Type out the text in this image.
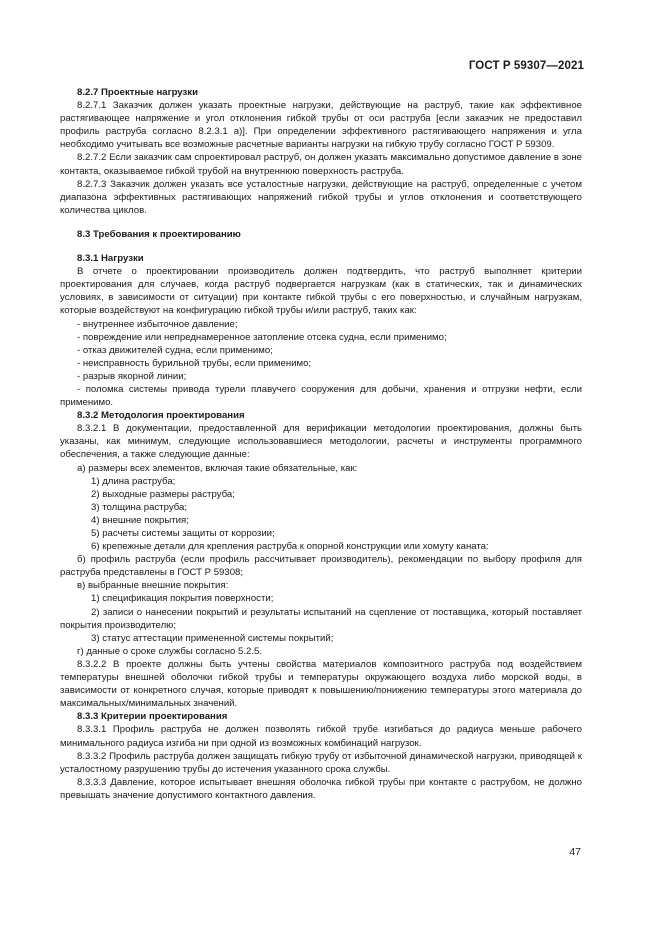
ГОСТ Р 59307—2021

8.2.7 Проектные нагрузки

8.2.7.1 Заказчик должен указать проектные нагрузки, действующие на раструб, такие как эффективное растягивающее напряжение и угол отклонения гибкой трубы от оси раструба [если заказчик не предоставил профиль раструба согласно 8.2.3.1 а)]. При определении эффективного растягивающего напряжения и угла необходимо учитывать все возможные расчетные варианты нагрузки на гибкую трубу согласно ГОСТ Р 59309.

8.2.7.2 Если заказчик сам спроектировал раструб, он должен указать максимально допустимое давление в зоне контакта, оказываемое гибкой трубой на внутреннюю поверхность раструба.

8.2.7.3 Заказчик должен указать все усталостные нагрузки, действующие на раструб, определенные с учетом диапазона эффективных растягивающих напряжений гибкой трубы и углов отклонения и соответствующего количества циклов.

8.3 Требования к проектированию

8.3.1 Нагрузки

В отчете о проектировании производитель должен подтвердить, что раструб выполняет критерии проектирования для случаев, когда раструб подвергается нагрузкам (как в статических, так и динамических условиях, в зависимости от ситуации) при контакте гибкой трубы с его поверхностью, и случайным нагрузкам, которые воздействуют на конфигурацию гибкой трубы и/или раструб, таких как:

- внутреннее избыточное давление;

- повреждение или непреднамеренное затопление отсека судна, если применимо;

- отказ движителей судна, если применимо;

- неисправность бурильной трубы, если применимо;

- разрыв якорной линии;

- поломка системы привода турели плавучего сооружения для добычи, хранения и отгрузки нефти, если применимо.

8.3.2 Методология проектирования

8.3.2.1 В документации, предоставленной для верификации методологии проектирования, должны быть указаны, как минимум, следующие использовавшиеся методологии, расчеты и инструменты программного обеспечения, а также следующие данные:

а) размеры всех элементов, включая такие обязательные, как:

1) длина раструба;

2) выходные размеры раструба;

3) толщина раструба;

4) внешние покрытия;

5) расчеты системы защиты от коррозии;

6) крепежные детали для крепления раструба к опорной конструкции или хомуту каната:

б) профиль раструба (если профиль рассчитывает производитель), рекомендации по выбору профиля для раструба представлены в ГОСТ Р 59308;

в) выбранные внешние покрытия:

1) спецификация покрытия поверхности;

2) записи о нанесении покрытий и результаты испытаний на сцепление от поставщика, который поставляет покрытия производителю;

3) статус аттестации примененной системы покрытий;

г) данные о сроке службы согласно 5.2.5.

8.3.2.2 В проекте должны быть учтены свойства материалов композитного раструба под воздействием температуры внешней оболочки гибкой трубы и температуры окружающего воздуха либо морской воды, в зависимости от конкретного случая, которые приводят к повышению/понижению температуры этого материала до максимальных/минимальных значений.

8.3.3 Критерии проектирования

8.3.3.1 Профиль раструба не должен позволять гибкой трубе изгибаться до радиуса меньше рабочего минимального радиуса изгиба ни при одной из возможных комбинаций нагрузок.

8.3.3.2 Профиль раструба должен защищать гибкую трубу от избыточной динамической нагрузки, приводящей к усталостному разрушению трубы до истечения указанного срока службы.

8.3.3.3 Давление, которое испытывает внешняя оболочка гибкой трубы при контакте с раструбом, не должно превышать значение допустимого контактного давления.

47
